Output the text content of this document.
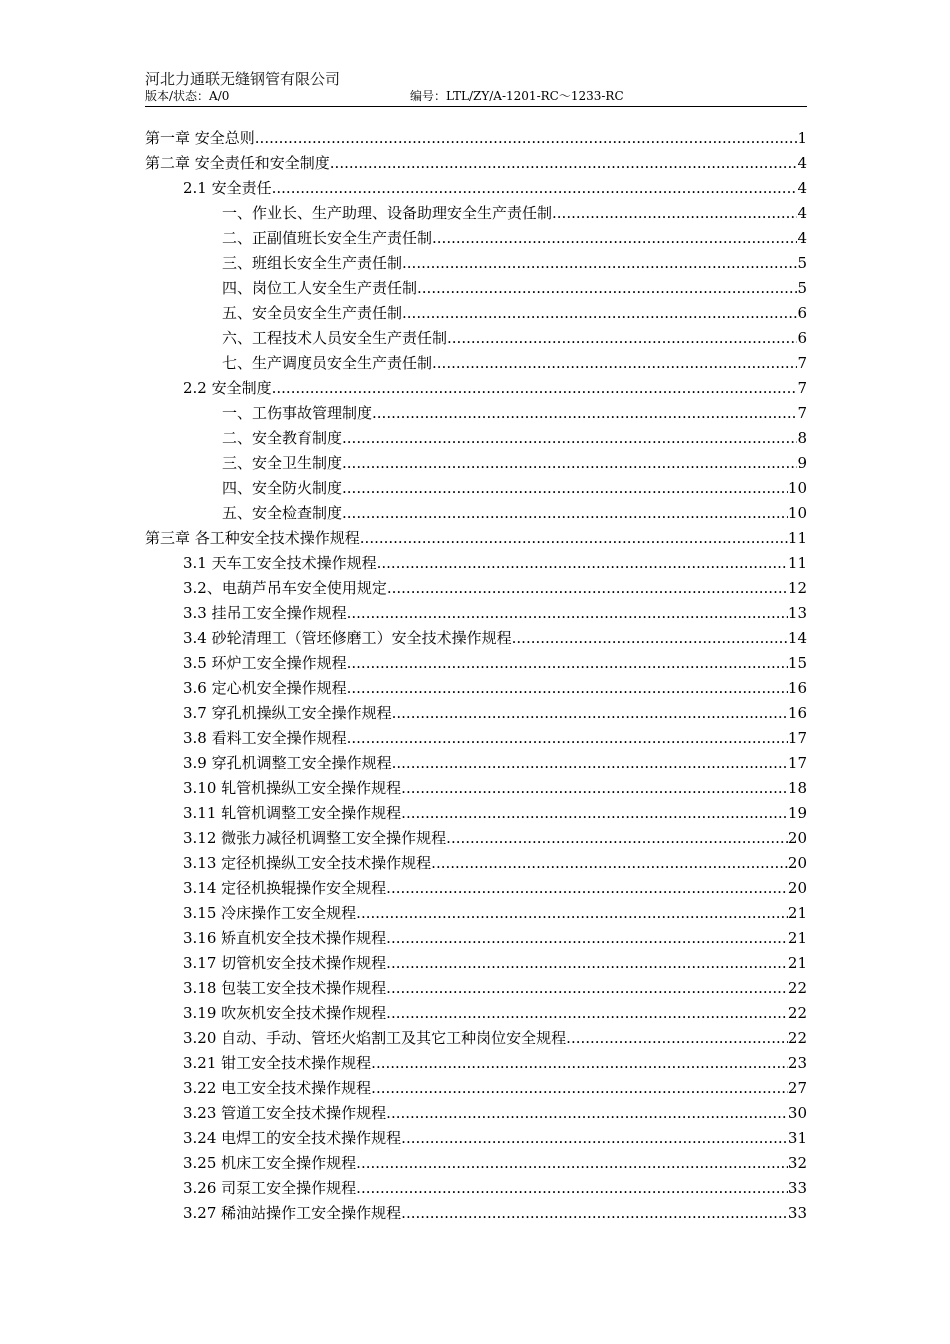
河北力通联无缝钢管有限公司
版本/状态：A/0	编号：LTL/ZY/A-1201-RC～1233-RC
第一章 安全总则 .....	1
第二章 安全责任和安全制度 .....	4
2.1 安全责任 .....	4
一、作业长、生产助理、设备助理安全生产责任制 .....	4
二、正副值班长安全生产责任制 .....	4
三、班组长安全生产责任制 .....	5
四、岗位工人安全生产责任制 .....	5
五、安全员安全生产责任制 .....	6
六、工程技术人员安全生产责任制 .....	6
七、生产调度员安全生产责任制 .....	7
2.2 安全制度 .....	7
一、工伤事故管理制度 .....	7
二、安全教育制度 .....	8
三、安全卫生制度 .....	9
四、安全防火制度 .....	10
五、安全检查制度 .....	10
第三章 各工种安全技术操作规程 .....	11
3.1 天车工安全技术操作规程 .....	11
3.2、电葫芦吊车安全使用规定 .....	12
3.3 挂吊工安全操作规程 .....	13
3.4 砂轮清理工（管坯修磨工）安全技术操作规程 .....	14
3.5 环炉工安全操作规程 .....	15
3.6 定心机安全操作规程 .....	16
3.7 穿孔机操纵工安全操作规程 .....	16
3.8 看料工安全操作规程 .....	17
3.9 穿孔机调整工安全操作规程 .....	17
3.10 轧管机操纵工安全操作规程 .....	18
3.11 轧管机调整工安全操作规程 .....	19
3.12 微张力减径机调整工安全操作规程 .....	20
3.13 定径机操纵工安全技术操作规程 .....	20
3.14 定径机换辊操作安全规程 .....	20
3.15 冷床操作工安全规程 .....	21
3.16 矫直机安全技术操作规程 .....	21
3.17 切管机安全技术操作规程 .....	21
3.18 包装工安全技术操作规程 .....	22
3.19 吹灰机安全技术操作规程 .....	22
3.20 自动、手动、管坯火焰割工及其它工种岗位安全规程 .....	22
3.21 钳工安全技术操作规程 .....	23
3.22 电工安全技术操作规程 .....	27
3.23 管道工安全技术操作规程 .....	30
3.24 电焊工的安全技术操作规程 .....	31
3.25 机床工安全操作规程 .....	32
3.26 司泵工安全操作规程 .....	33
3.27 稀油站操作工安全操作规程 .....	33
